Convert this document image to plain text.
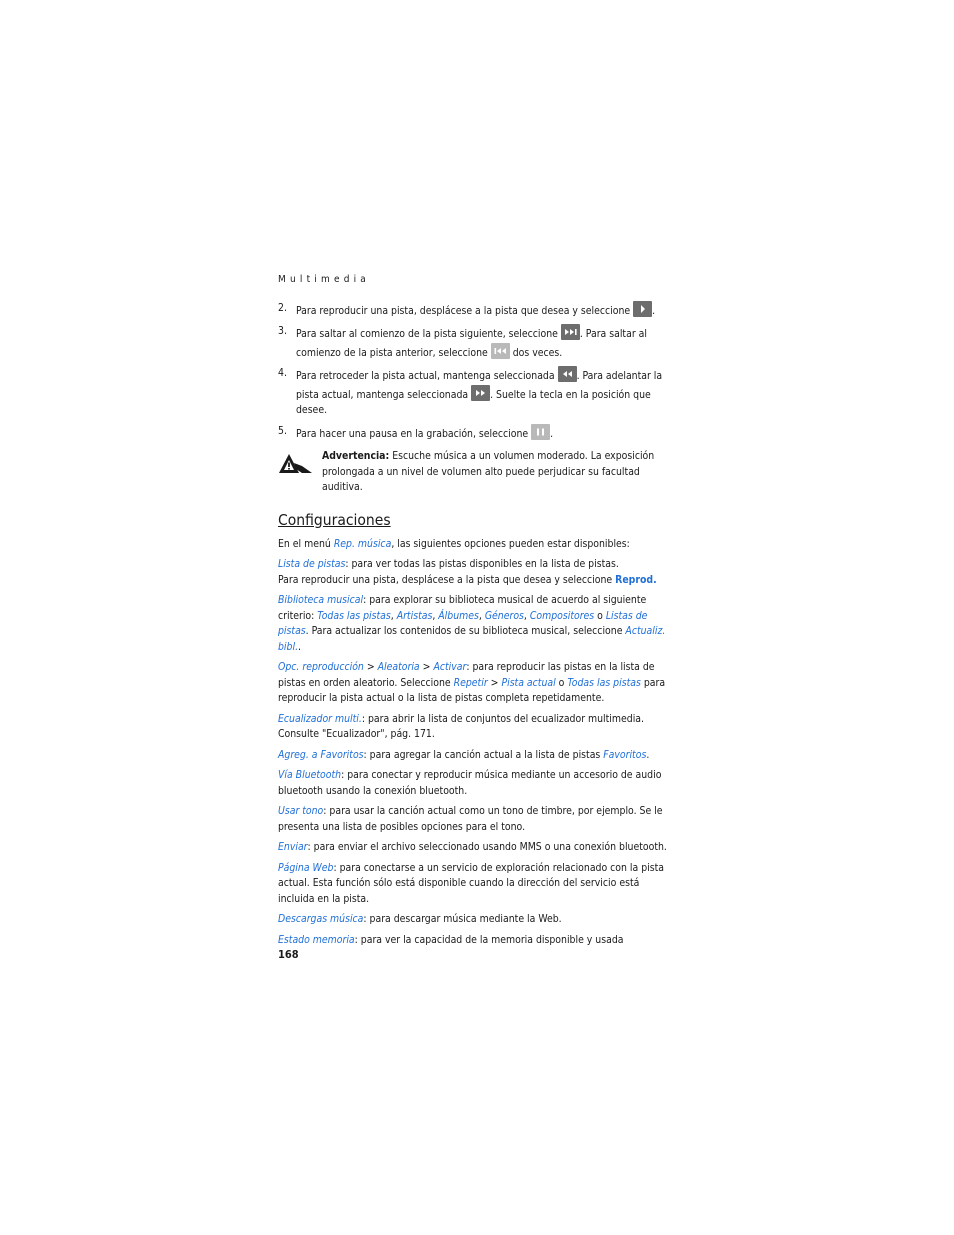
Multimedia
2. Para reproducir una pista, desplácese a la pista que desea y seleccione .
3. Para saltar al comienzo de la pista siguiente, seleccione . Para saltar al comienzo de la pista anterior, seleccione dos veces.
4. Para retroceder la pista actual, mantenga seleccionada . Para adelantar la pista actual, mantenga seleccionada . Suelte la tecla en la posición que desee.
5. Para hacer una pausa en la grabación, seleccione .
Advertencia: Escuche música a un volumen moderado. La exposición prolongada a un nivel de volumen alto puede perjudicar su facultad auditiva.
Configuraciones
En el menú Rep. música, las siguientes opciones pueden estar disponibles:
Lista de pistas: para ver todas las pistas disponibles en la lista de pistas.
Para reproducir una pista, desplácese a la pista que desea y seleccione Reprod.
Biblioteca musical: para explorar su biblioteca musical de acuerdo al siguiente criterio: Todas las pistas, Artistas, Álbumes, Géneros, Compositores o Listas de pistas. Para actualizar los contenidos de su biblioteca musical, seleccione Actualiz. bibl..
Opc. reproducción > Aleatoria > Activar: para reproducir las pistas en la lista de pistas en orden aleatorio. Seleccione Repetir > Pista actual o Todas las pistas para reproducir la pista actual o la lista de pistas completa repetidamente.
Ecualizador multi.: para abrir la lista de conjuntos del ecualizador multimedia. Consulte "Ecualizador", pág. 171.
Agreg. a Favoritos: para agregar la canción actual a la lista de pistas Favoritos.
Vía Bluetooth: para conectar y reproducir música mediante un accesorio de audio bluetooth usando la conexión bluetooth.
Usar tono: para usar la canción actual como un tono de timbre, por ejemplo. Se le presenta una lista de posibles opciones para el tono.
Enviar: para enviar el archivo seleccionado usando MMS o una conexión bluetooth.
Página Web: para conectarse a un servicio de exploración relacionado con la pista actual. Esta función sólo está disponible cuando la dirección del servicio está incluida en la pista.
Descargas música: para descargar música mediante la Web.
Estado memoria: para ver la capacidad de la memoria disponible y usada
168
